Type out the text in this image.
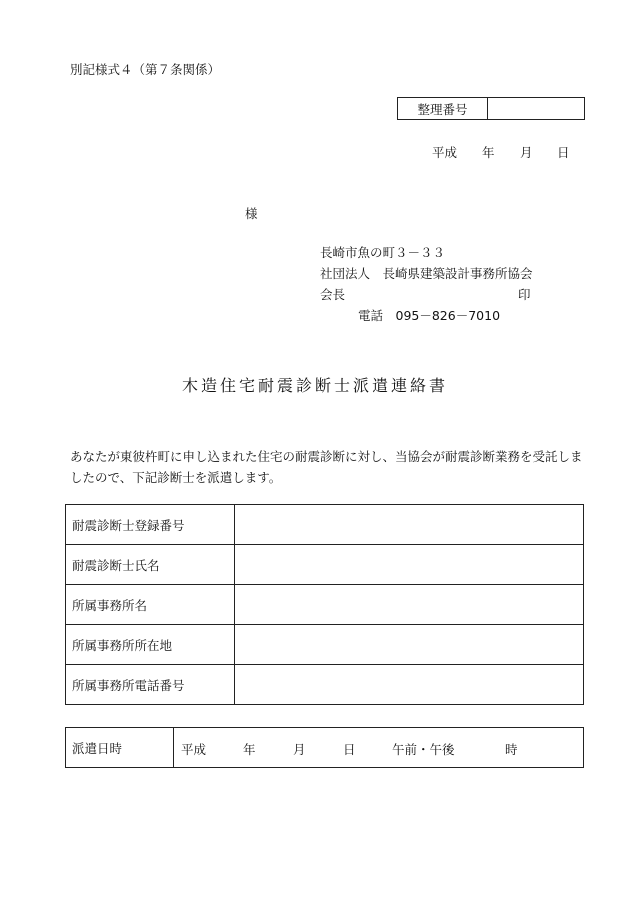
別記様式４（第７条関係）
整理番号
平成 年 月 日
様
長崎市魚の町３－３３
社団法人　長崎県建築設計事務所協会
会長	印
電話　095－826－7010
木造住宅耐震診断士派遣連絡書
あなたが東彼杵町に申し込まれた住宅の耐震診断に対し、当協会が耐震診断業務を受託しましたので、下記診断士を派遣します。
耐震診断士登録番号	
耐震診断士氏名	
所属事務所名	
所属事務所所在地	
所属事務所電話番号	
派遣日時	平成	年	月	日	午前・午後	時
